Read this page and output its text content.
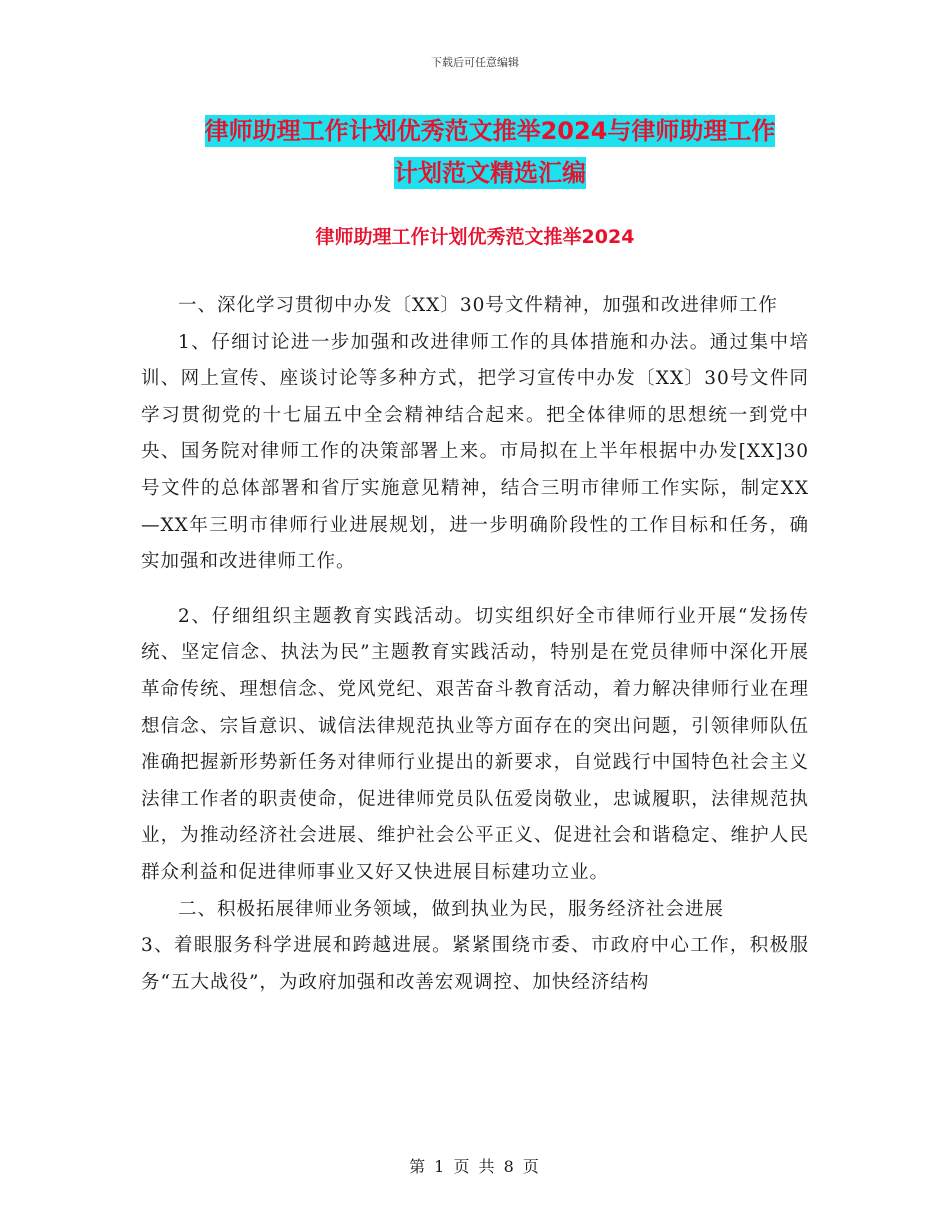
下载后可任意编辑
律师助理工作计划优秀范文推举2024与律师助理工作
计划范文精选汇编
律师助理工作计划优秀范文推举2024

一、深化学习贯彻中办发〔XX〕30号文件精神，加强和改进律师工作

1、仔细讨论进一步加强和改进律师工作的具体措施和办法。通过集中培训、网上宣传、座谈讨论等多种方式，把学习宣传中办发〔XX〕30号文件同学习贯彻党的十七届五中全会精神结合起来。把全体律师的思想统一到党中央、国务院对律师工作的决策部署上来。市局拟在上半年根据中办发[XX]30号文件的总体部署和省厅实施意见精神，结合三明市律师工作实际，制定XX—XX年三明市律师行业进展规划，进一步明确阶段性的工作目标和任务，确实加强和改进律师工作。

2、仔细组织主题教育实践活动。切实组织好全市律师行业开展“发扬传统、坚定信念、执法为民”主题教育实践活动，特别是在党员律师中深化开展革命传统、理想信念、党风党纪、艰苦奋斗教育活动，着力解决律师行业在理想信念、宗旨意识、诚信法律规范执业等方面存在的突出问题，引领律师队伍准确把握新形势新任务对律师行业提出的新要求，自觉践行中国特色社会主义法律工作者的职责使命，促进律师党员队伍爱岗敬业，忠诚履职，法律规范执业，为推动经济社会进展、维护社会公平正义、促进社会和谐稳定、维护人民群众利益和促进律师事业又好又快进展目标建功立业。

二、积极拓展律师业务领域，做到执业为民，服务经济社会进展

3、着眼服务科学进展和跨越进展。紧紧围绕市委、市政府中心工作，积极服务“五大战役”，为政府加强和改善宏观调控、加快经济结构

第 1 页 共 8 页
